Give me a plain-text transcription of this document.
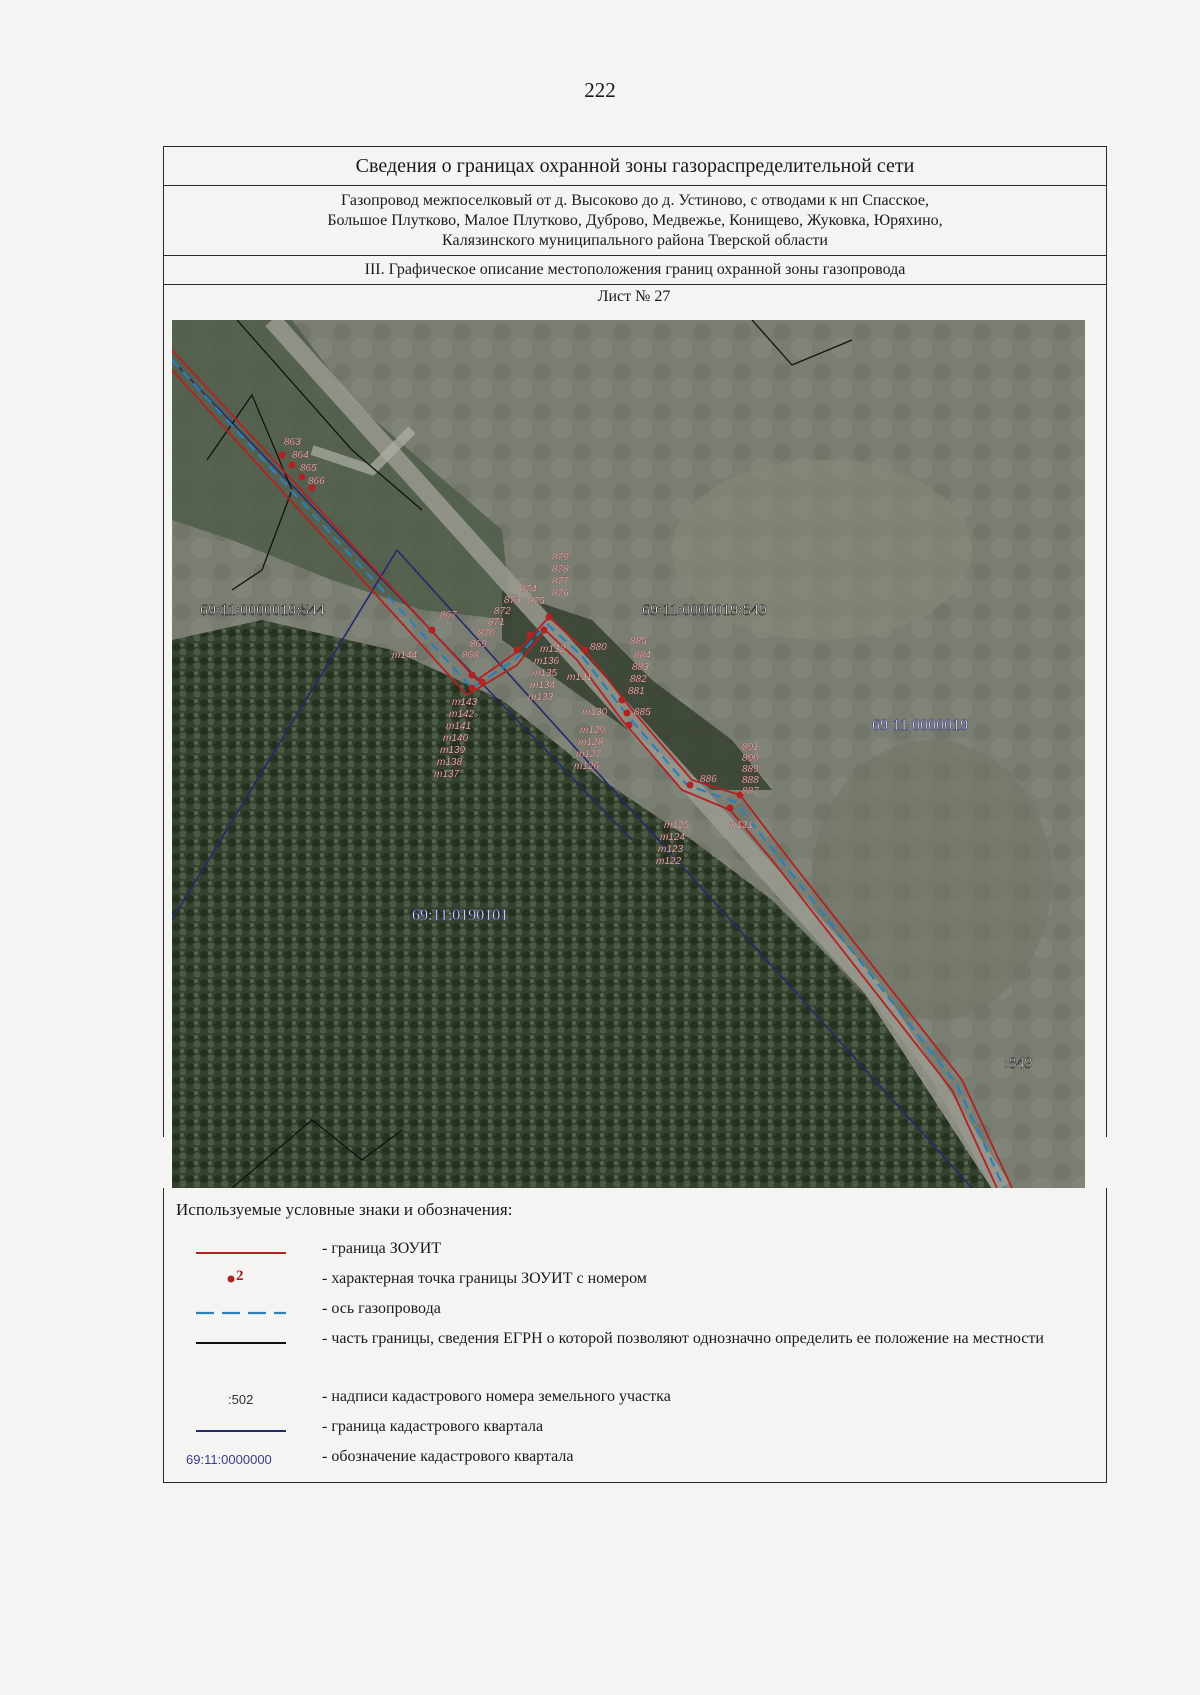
222
Сведения о границах охранной зоны газораспределительной сети
Газопровод межпоселковый от д. Высоково до д. Устиново, с отводами к нп Спасское,
Большое Плутково, Малое Плутково, Дуброво, Медвежье, Конищево, Жуковка, Юряхино,
Калязинского муниципального района Тверской области
III. Графическое описание местоположения границ охранной зоны газопровода
Лист № 27
863
864
865
866
867
т144	868
869
870
871
872
873
874
875
879
878
877
876
т143
т142
т141
т140
т139
т138
т137
т132
т136
т135
т134
т133
т131
880
885
884
883
882
881
885
т130
т129
т128
т127
т126
886
891
890
889
888
887
т125
т124
т123
т122
т121
69:11:0000019:544	69:11:0000019:849
69:11:0000019
69:11:0190101
:849
Используемые условные знаки и обозначения:
- граница ЗОУИТ
2	- характерная точка границы ЗОУИТ с номером
- ось газопровода
- часть границы, сведения ЕГРН о которой позволяют однозначно определить ее положение на местности
:502	- надписи кадастрового номера земельного участка
- граница кадастрового квартала
69:11:0000000	- обозначение кадастрового квартала
